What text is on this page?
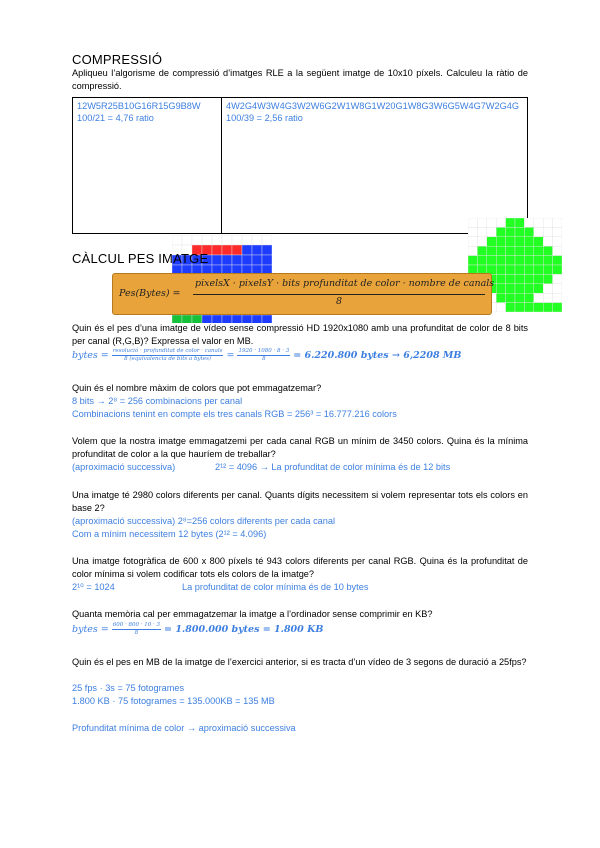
COMPRESSIÓ
Apliqueu l’algorisme de compressió d’imatges RLE a la següent imatge de 10x10 píxels. Calculeu la ràtio de compressió.
12W5R25B10G16R15G9B8W
100/21 = 4,76 ratio

4W2G4W3W4G3W2W6G2W1W8G1W20G1W8G3W6G5W4G7W2G4G
100/39 = 2,56 ratio
CÀLCUL PES IMATGE
Pes(Bytes) =
pixelsX · pixelsY · bits profunditat de color · nombre de canals
8
Quin és el pes d’una imatge de vídeo sense compressió HD 1920x1080 amb una profunditat de color de 8 bits per canal (R,G,B)? Expressa el valor en MB.
bytes = $\frac{\text{resolució · profunditat de color · canals}}{\text{8 (equivalencia de bits a bytes)}} = \frac{1920 \cdot 1080 \cdot 8 \cdot 3}{8} = 6.220.800$ bytes → 6,2208 MB
Quin és el nombre màxim de colors que pot emmagatzemar?
8 bits → 2⁸ = 256 combinacions per canal
Combinacions tenint en compte els tres canals RGB = 256³ = 16.777.216 colors
Volem que la nostra imatge emmagatzemi per cada canal RGB un mínim de 3450 colors. Quina és la mínima profunditat de color a la que hauríem de treballar?
(aproximació successiva)	2¹² = 4096 → La profunditat de color mínima és de 12 bits
Una imatge té 2980 colors diferents per canal. Quants dígits necessitem si volem representar tots els colors en base 2?
(aproximació successiva) 2⁸=256 colors diferents per cada canal
Com a mínim necessitem 12 bytes (2¹² = 4.096)
Una imatge fotogràfica de 600 x 800 píxels té 943 colors diferents per canal RGB. Quina és la profunditat de color mínima si volem codificar tots els colors de la imatge?
2¹⁰ = 1024	La profunditat de color mínima és de 10 bytes
Quanta memòria cal per emmagatzemar la imatge a l’ordinador sense comprimir en KB?
bytes = $\frac{600 \cdot 800 \cdot 10 \cdot 3}{8} = 1.800.000$ bytes = 1.800 KB
Quin és el pes en MB de la imatge de l’exercici anterior, si es tracta d’un vídeo de 3 segons de duració a 25fps?
25 fps · 3s = 75 fotogrames
1.800 KB · 75 fotogrames = 135.000KB = 135 MB
Profunditat mínima de color → aproximació successiva
